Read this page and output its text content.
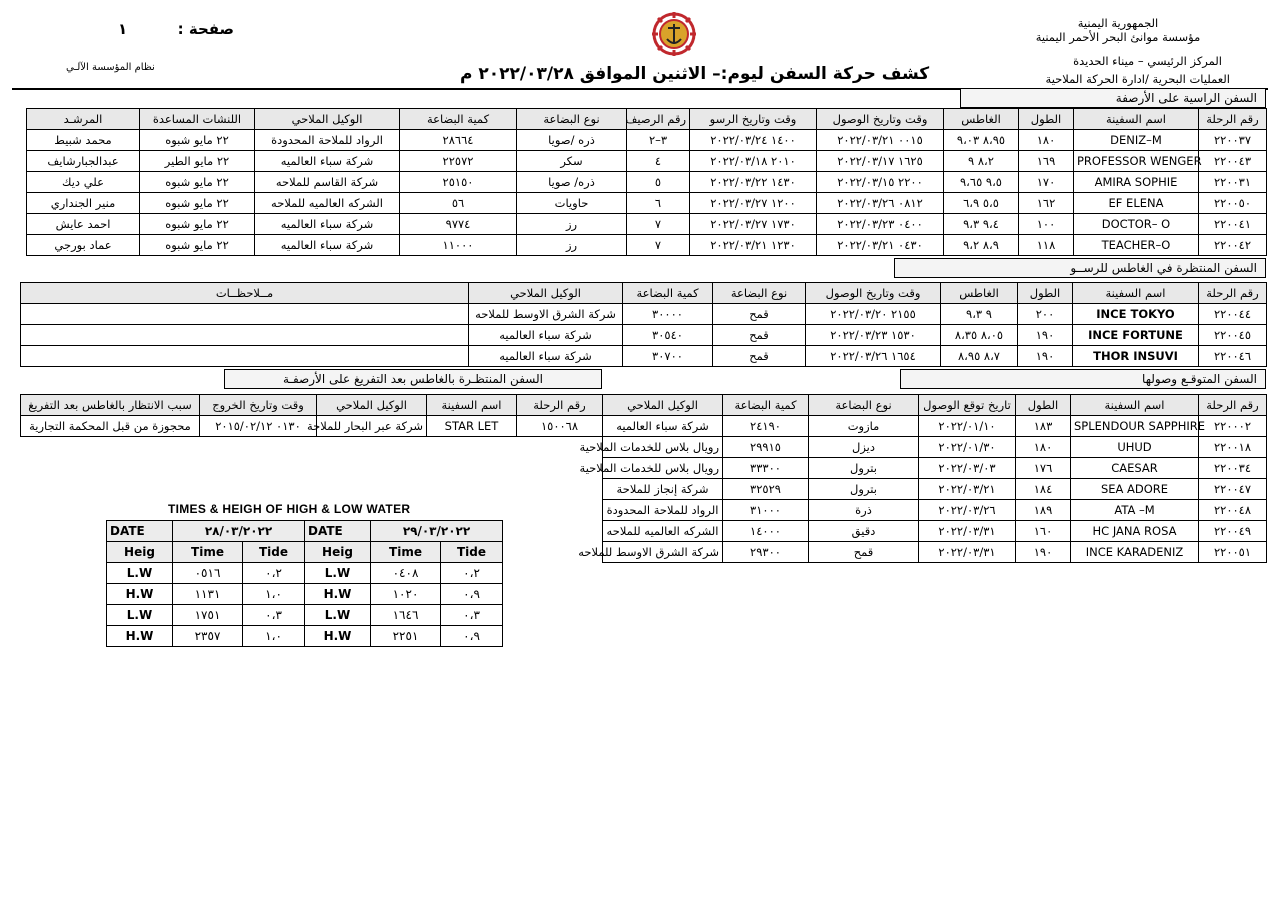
الجمهورية اليمنية
مؤسسة موانئ البحر الأحمر اليمنية
المركز الرئيسي – ميناء الحديدة
العمليات البحرية /ادارة الحركة الملاحية
صفحة :  ١
نظام المؤسسة الآلـي	كشف حركة السفن ليوم:– الاثنين الموافق ٢٠٢٢/٠٣/٢٨ م
السفن الراسية على الأرصفة
رقم الرحلة	اسم السفينة	الطول	الغاطس	وقت وتاريخ الوصول	وقت وتاريخ الرسو	رقم الرصيف	نوع البضاعة	كمية البضاعة	الوكيل الملاحي	اللنشات المساعدة	المرشـد
٢٢٠٠٣٧	DENIZ–M	١٨٠	٨،٩٥ ٩،٠٣	٠٠١٥ ٢٠٢٢/٠٣/٢١	١٤٠٠ ٢٠٢٢/٠٣/٢٤	٣–٢	ذره /صويا	٢٨٦٦٤	الرواد للملاحة المحدودة	٢٢ مايو شبوه	محمد شبيط
٢٢٠٠٤٣	PROFESSOR WENGER	١٦٩	٨،٢ ٩	١٦٢٥ ٢٠٢٢/٠٣/١٧	٢٠١٠ ٢٠٢٢/٠٣/١٨	٤	سكر	٢٢٥٧٢	شركة سباء العالميه	٢٢ مايو الطير	عبدالجبارشايف
٢٢٠٠٣١	AMIRA SOPHIE	١٧٠	٩،٥ ٩،٦٥	٢٢٠٠ ٢٠٢٢/٠٣/١٥	١٤٣٠ ٢٠٢٢/٠٣/٢٢	٥	ذره/ صويا	٢٥١٥٠	شركة القاسم للملاحه	٢٢ مايو شبوه	علي ديك
٢٢٠٠٥٠	EF ELENA	١٦٢	٥،٥ ٦،٩	٠٨١٢ ٢٠٢٢/٠٣/٢٦	١٢٠٠ ٢٠٢٢/٠٣/٢٧	٦	حاويات	٥٦	الشركه العالميه للملاحه	٢٢ مايو شبوه	منير الجنداري
٢٢٠٠٤١	DOCTOR– O	١٠٠	٩،٤ ٩،٣	٠٤٠٠ ٢٠٢٢/٠٣/٢٣	١٧٣٠ ٢٠٢٢/٠٣/٢٧	٧	رز	٩٧٧٤	شركة سباء العالميه	٢٢ مايو شبوه	احمد عايش
٢٢٠٠٤٢	TEACHER–O	١١٨	٨،٩ ٩،٢	٠٤٣٠ ٢٠٢٢/٠٣/٢١	١٢٣٠ ٢٠٢٢/٠٣/٢١	٧	رز	١١٠٠٠	شركة سباء العالميه	٢٢ مايو شبوه	عماد بورجي
السفن المنتظرة في الغاطس للرســو
رقم الرحلة	اسم السفينة	الطول	الغاطس	وقت وتاريخ الوصول	نوع البضاعة	كمية البضاعة	الوكيل الملاحي	مــلاحظــات
٢٢٠٠٤٤	INCE TOKYO	٢٠٠	٩ ٩،٣	٢١٥٥ ٢٠٢٢/٠٣/٢٠	قمح	٣٠٠٠٠	شركة الشرق الاوسط للملاحه	
٢٢٠٠٤٥	INCE FORTUNE	١٩٠	٨،٠٥ ٨،٣٥	١٥٣٠ ٢٠٢٢/٠٣/٢٣	قمح	٣٠٥٤٠	شركة سباء العالميه	
٢٢٠٠٤٦	THOR INSUVI	١٩٠	٨،٧ ٨،٩٥	١٦٥٤ ٢٠٢٢/٠٣/٢٦	قمح	٣٠٧٠٠	شركة سباء العالميه	
السفن المنتظـرة بالغاطس بعد التفريغ على الأرصفـة
رقم الرحلة	اسم السفينة	الوكيل الملاحي	وقت وتاريخ الخروج	سبب الانتظار بالغاطس بعد التفريغ
١٥٠٠٦٨	STAR LET	شركة عبر البحار للملاحة	٠١٣٠ ٢٠١٥/٠٢/١٢	محجوزة من قبل المحكمة التجارية
السفن المتوقـع وصولها
رقم الرحلة	اسم السفينة	الطول	تاريخ توقع الوصول	نوع البضاعة	كمية البضاعة	الوكيل الملاحي
٢٢٠٠٠٢	SPLENDOUR SAPPHIRE	١٨٣	٢٠٢٢/٠١/١٠	مازوت	٢٤١٩٠	شركة سباء العالميه
٢٢٠٠١٨	UHUD	١٨٠	٢٠٢٢/٠١/٣٠	ديزل	٢٩٩١٥	رويال بلاس للخدمات الملاحية
٢٢٠٠٣٤	CAESAR	١٧٦	٢٠٢٢/٠٣/٠٣	بترول	٣٣٣٠٠	رويال بلاس للخدمات الملاحية
٢٢٠٠٤٧	SEA ADORE	١٨٤	٢٠٢٢/٠٣/٢١	بترول	٣٢٥٢٩	شركة إنجاز للملاحة
٢٢٠٠٤٨	ATA –M	١٨٩	٢٠٢٢/٠٣/٢٦	ذرة	٣١٠٠٠	الرواد للملاحة المحدودة
٢٢٠٠٤٩	HC JANA ROSA	١٦٠	٢٠٢٢/٠٣/٣١	دقيق	١٤٠٠٠	الشركه العالميه للملاحه
٢٢٠٠٥١	INCE KARADENIZ	١٩٠	٢٠٢٢/٠٣/٣١	قمح	٢٩٣٠٠	شركة الشرق الاوسط للملاحه
TIMES & HEIGH OF HIGH & LOW WATER
DATE	٢٨/٠٣/٢٠٢٢	
Heig	Time	Tide
L.W	٠٥١٦	٠،٢
H.W	١١٣١	١،٠
L.W	١٧٥١	٠،٣
H.W	٢٣٥٧	١،٠
DATE	٢٩/٠٣/٢٠٢٢	
Heig	Time	Tide
L.W	٠٤٠٨	٠،٢
H.W	١٠٢٠	٠،٩
L.W	١٦٤٦	٠،٣
H.W	٢٢٥١	٠،٩
